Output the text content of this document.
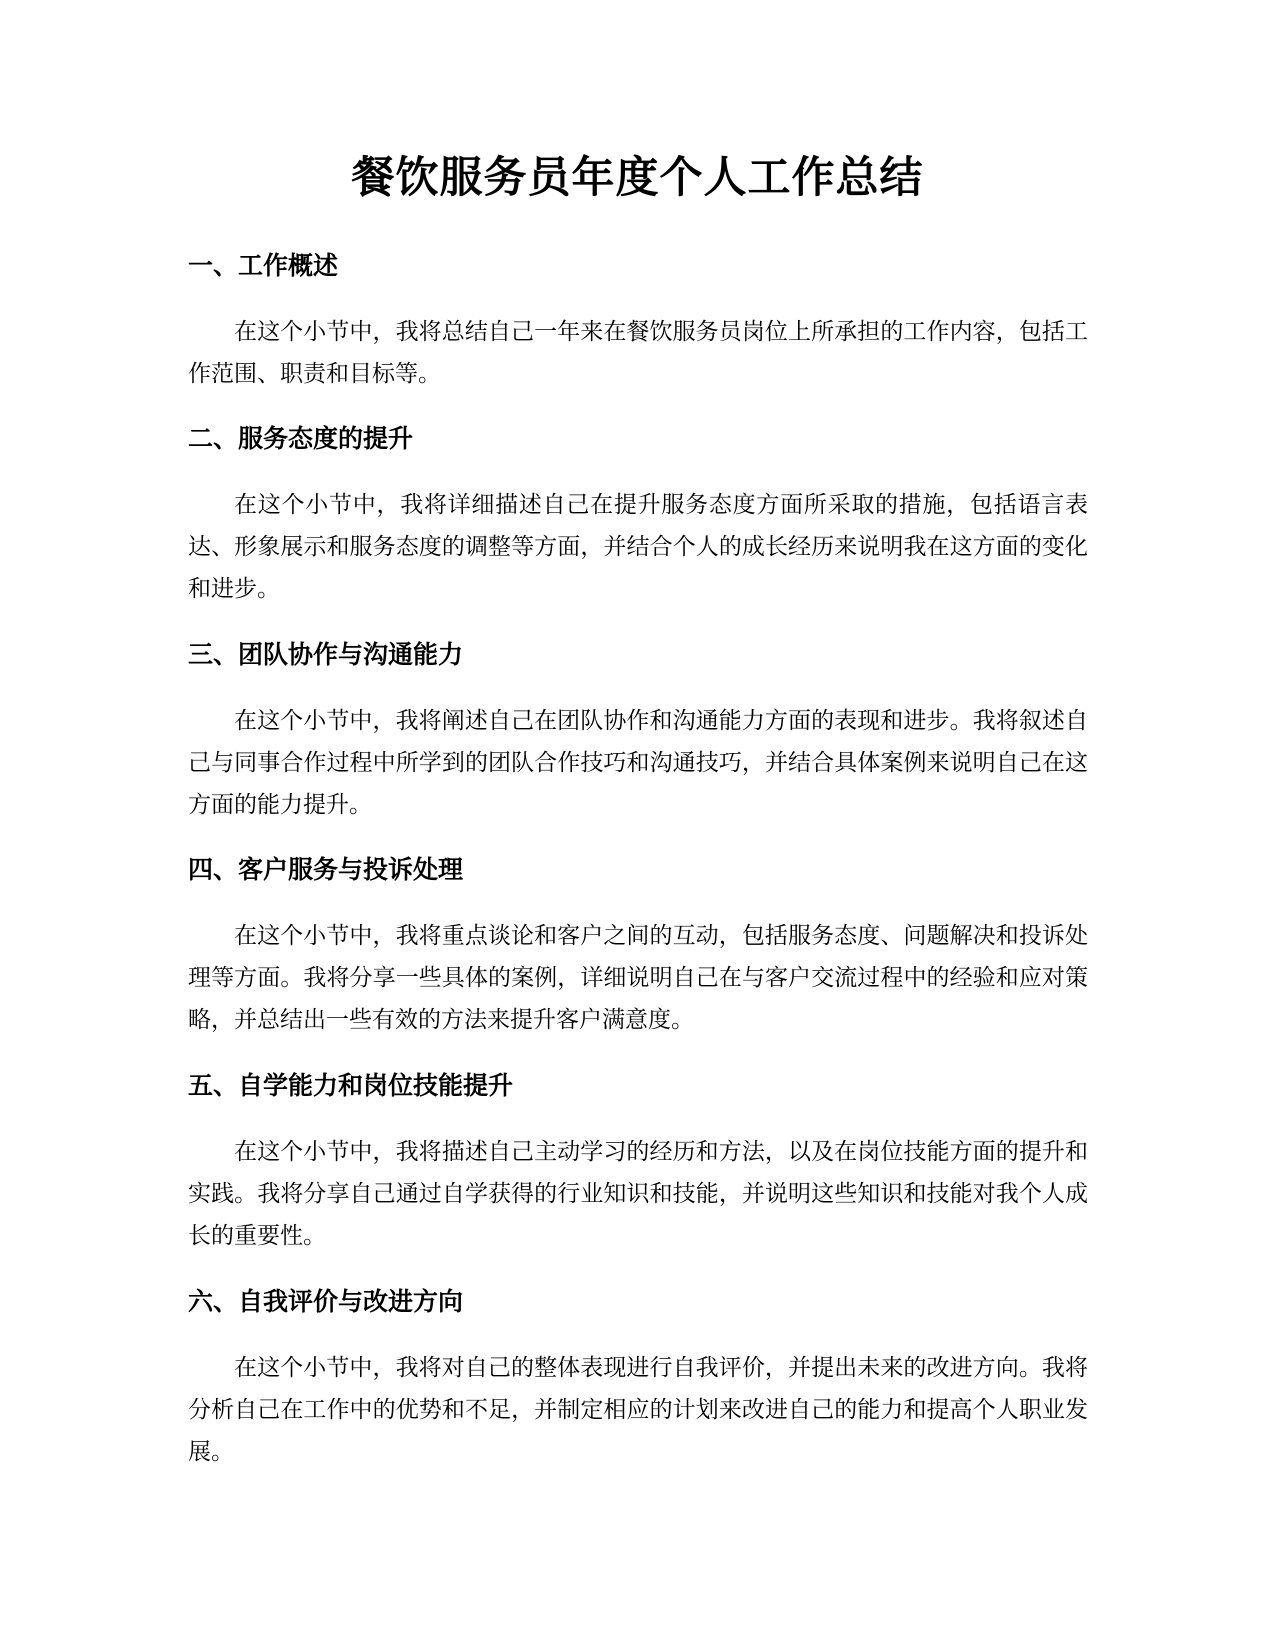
餐饮服务员年度个人工作总结
一、工作概述

在这个小节中，我将总结自己一年来在餐饮服务员岗位上所承担的工作内容，包括工作范围、职责和目标等。

二、服务态度的提升

在这个小节中，我将详细描述自己在提升服务态度方面所采取的措施，包括语言表达、形象展示和服务态度的调整等方面，并结合个人的成长经历来说明我在这方面的变化和进步。

三、团队协作与沟通能力

在这个小节中，我将阐述自己在团队协作和沟通能力方面的表现和进步。我将叙述自己与同事合作过程中所学到的团队合作技巧和沟通技巧，并结合具体案例来说明自己在这方面的能力提升。

四、客户服务与投诉处理

在这个小节中，我将重点谈论和客户之间的互动，包括服务态度、问题解决和投诉处理等方面。我将分享一些具体的案例，详细说明自己在与客户交流过程中的经验和应对策略，并总结出一些有效的方法来提升客户满意度。

五、自学能力和岗位技能提升

在这个小节中，我将描述自己主动学习的经历和方法，以及在岗位技能方面的提升和实践。我将分享自己通过自学获得的行业知识和技能，并说明这些知识和技能对我个人成长的重要性。

六、自我评价与改进方向

在这个小节中，我将对自己的整体表现进行自我评价，并提出未来的改进方向。我将分析自己在工作中的优势和不足，并制定相应的计划来改进自己的能力和提高个人职业发展。
